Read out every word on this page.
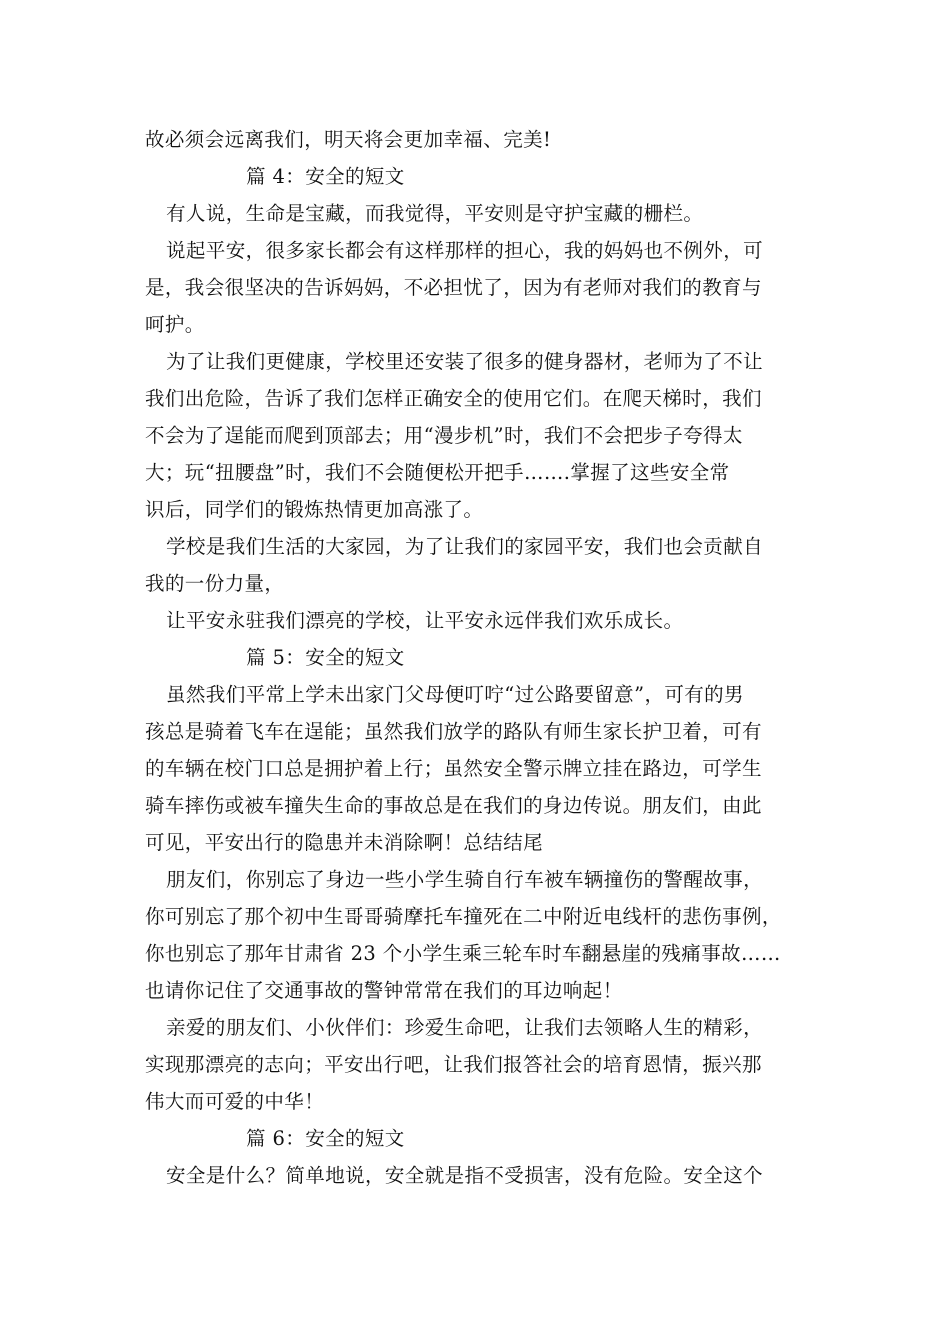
故必须会远离我们，明天将会更加幸福、完美!
篇 4：安全的短文
有人说，生命是宝藏，而我觉得，平安则是守护宝藏的栅栏。
说起平安，很多家长都会有这样那样的担心，我的妈妈也不例外，可
是，我会很坚决的告诉妈妈，不必担忧了，因为有老师对我们的教育与
呵护。
为了让我们更健康，学校里还安装了很多的健身器材，老师为了不让
我们出危险，告诉了我们怎样正确安全的使用它们。在爬天梯时，我们
不会为了逞能而爬到顶部去；用“漫步机”时，我们不会把步子夸得太
大；玩“扭腰盘”时，我们不会随便松开把手…….掌握了这些安全常
识后，同学们的锻炼热情更加高涨了。
学校是我们生活的大家园，为了让我们的家园平安，我们也会贡献自
我的一份力量，
让平安永驻我们漂亮的学校，让平安永远伴我们欢乐成长。
篇 5：安全的短文
虽然我们平常上学未出家门父母便叮咛“过公路要留意”，可有的男
孩总是骑着飞车在逞能；虽然我们放学的路队有师生家长护卫着，可有
的车辆在校门口总是拥护着上行；虽然安全警示牌立挂在路边，可学生
骑车摔伤或被车撞失生命的事故总是在我们的身边传说。朋友们，由此
可见，平安出行的隐患并未消除啊！总结结尾
朋友们，你别忘了身边一些小学生骑自行车被车辆撞伤的警醒故事，
你可别忘了那个初中生哥哥骑摩托车撞死在二中附近电线杆的悲伤事例，
你也别忘了那年甘肃省 23 个小学生乘三轮车时车翻悬崖的残痛事故……
也请你记住了交通事故的警钟常常在我们的耳边响起！
亲爱的朋友们、小伙伴们：珍爱生命吧，让我们去领略人生的精彩，
实现那漂亮的志向；平安出行吧，让我们报答社会的培育恩情，振兴那
伟大而可爱的中华！
篇 6：安全的短文
安全是什么？简单地说，安全就是指不受损害，没有危险。安全这个
